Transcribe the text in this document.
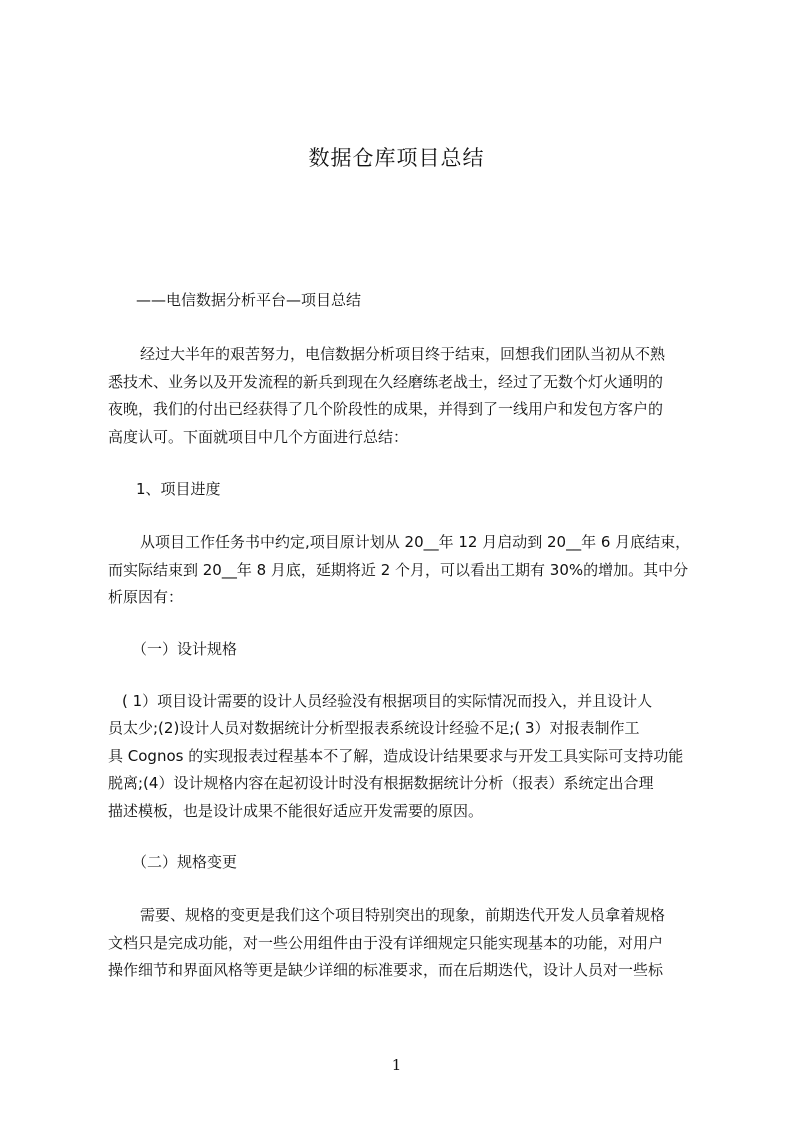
数据仓库项目总结
——电信数据分析平台—项目总结
经过大半年的艰苦努力，电信数据分析项目终于结束，回想我们团队当初从不熟
悉技术、业务以及开发流程的新兵到现在久经磨练老战士，经过了无数个灯火通明的
夜晚，我们的付出已经获得了几个阶段性的成果，并得到了一线用户和发包方客户的
高度认可。下面就项目中几个方面进行总结：
1、项目进度
从项目工作任务书中约定,项目原计划从 20__年 12 月启动到 20__年 6 月底结束，
而实际结束到 20__年 8 月底，延期将近 2 个月，可以看出工期有 30%的增加。其中分
析原因有：
（一）设计规格
( 1）项目设计需要的设计人员经验没有根据项目的实际情况而投入，并且设计人
员太少;(2)设计人员对数据统计分析型报表系统设计经验不足;( 3）对报表制作工
具 Cognos 的实现报表过程基本不了解，造成设计结果要求与开发工具实际可支持功能
脱离;(4）设计规格内容在起初设计时没有根据数据统计分析（报表）系统定出合理
描述模板，也是设计成果不能很好适应开发需要的原因。
（二）规格变更
需要、规格的变更是我们这个项目特别突出的现象，前期迭代开发人员拿着规格
文档只是完成功能，对一些公用组件由于没有详细规定只能实现基本的功能，对用户
操作细节和界面风格等更是缺少详细的标准要求，而在后期迭代，设计人员对一些标
1
